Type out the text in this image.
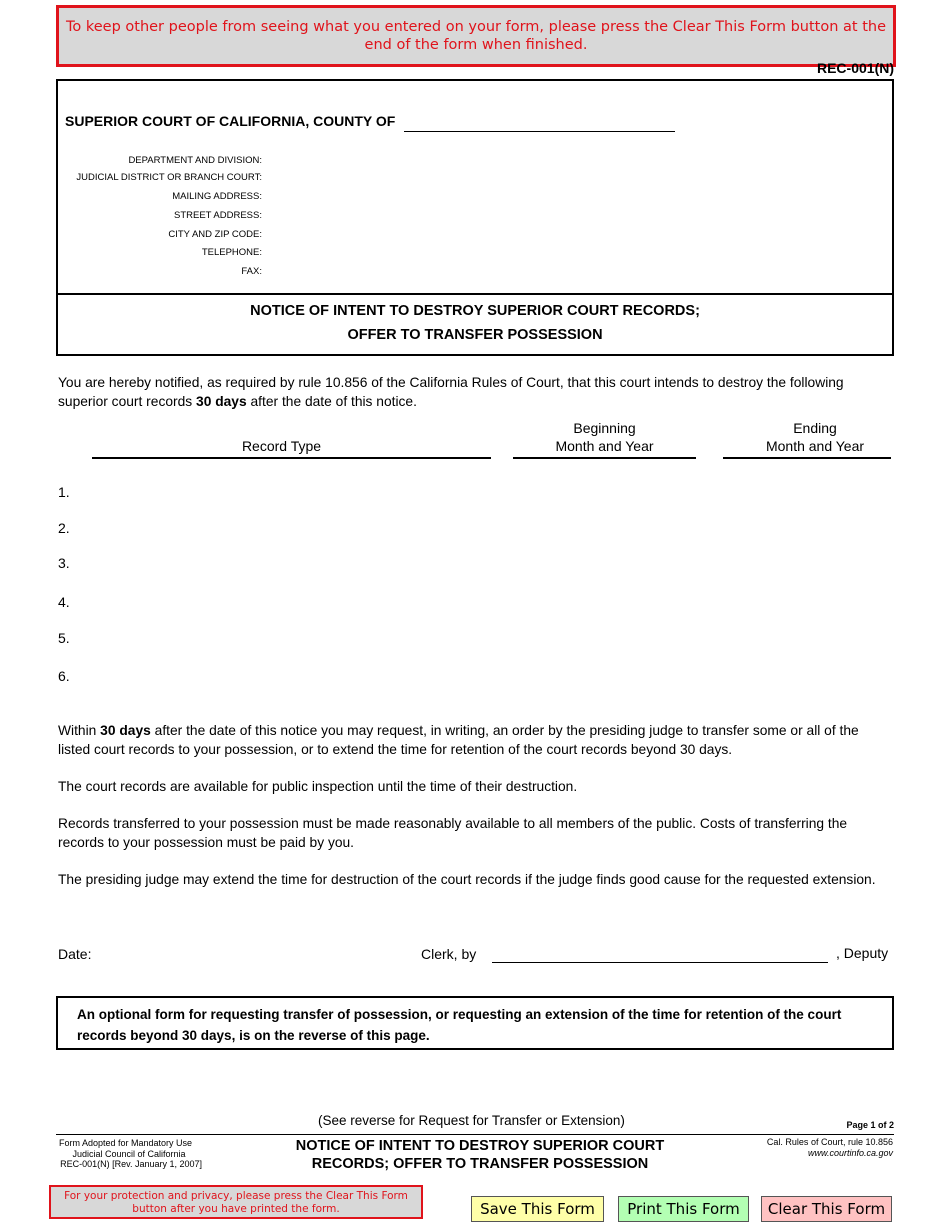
To keep other people from seeing what you entered on your form, please press the Clear This Form button at the end of the form when finished.
REC-001(N)
SUPERIOR COURT OF CALIFORNIA, COUNTY OF
DEPARTMENT AND DIVISION:
JUDICIAL DISTRICT OR BRANCH COURT:
MAILING ADDRESS:
STREET ADDRESS:
CITY AND ZIP CODE:
TELEPHONE:
FAX:
NOTICE OF INTENT TO DESTROY SUPERIOR COURT RECORDS;
OFFER TO TRANSFER POSSESSION
You are hereby notified, as required by rule 10.856 of the California Rules of Court, that this court intends to destroy the following superior court records 30 days after the date of this notice.
Record Type
Beginning
Month and Year
Ending
Month and Year
1.
2.
3.
4.
5.
6.
Within 30 days after the date of this notice you may request, in writing, an order by the presiding judge to transfer some or all of the listed court records to your possession, or to extend the time for retention of the court records beyond 30 days.
The court records are available for public inspection until the time of their destruction.
Records transferred to your possession must be made reasonably available to all members of the public. Costs of transferring the records to your possession must be paid by you.
The presiding judge may extend the time for destruction of the court records if the judge finds good cause for the requested extension.
Date:	Clerk, by	, Deputy
An optional form for requesting transfer of possession, or requesting an extension of the time for retention of the court records beyond 30 days, is on the reverse of this page.
(See reverse for Request for Transfer or Extension)	Page 1 of 2
Form Adopted for Mandatory Use
Judicial Council of California
REC-001(N) [Rev. January 1, 2007]
NOTICE OF INTENT TO DESTROY SUPERIOR COURT
RECORDS; OFFER TO TRANSFER POSSESSION
Cal. Rules of Court, rule 10.856
www.courtinfo.ca.gov
For your protection and privacy, please press the Clear This Form button after you have printed the form.	Save This Form	Print This Form	Clear This Form
